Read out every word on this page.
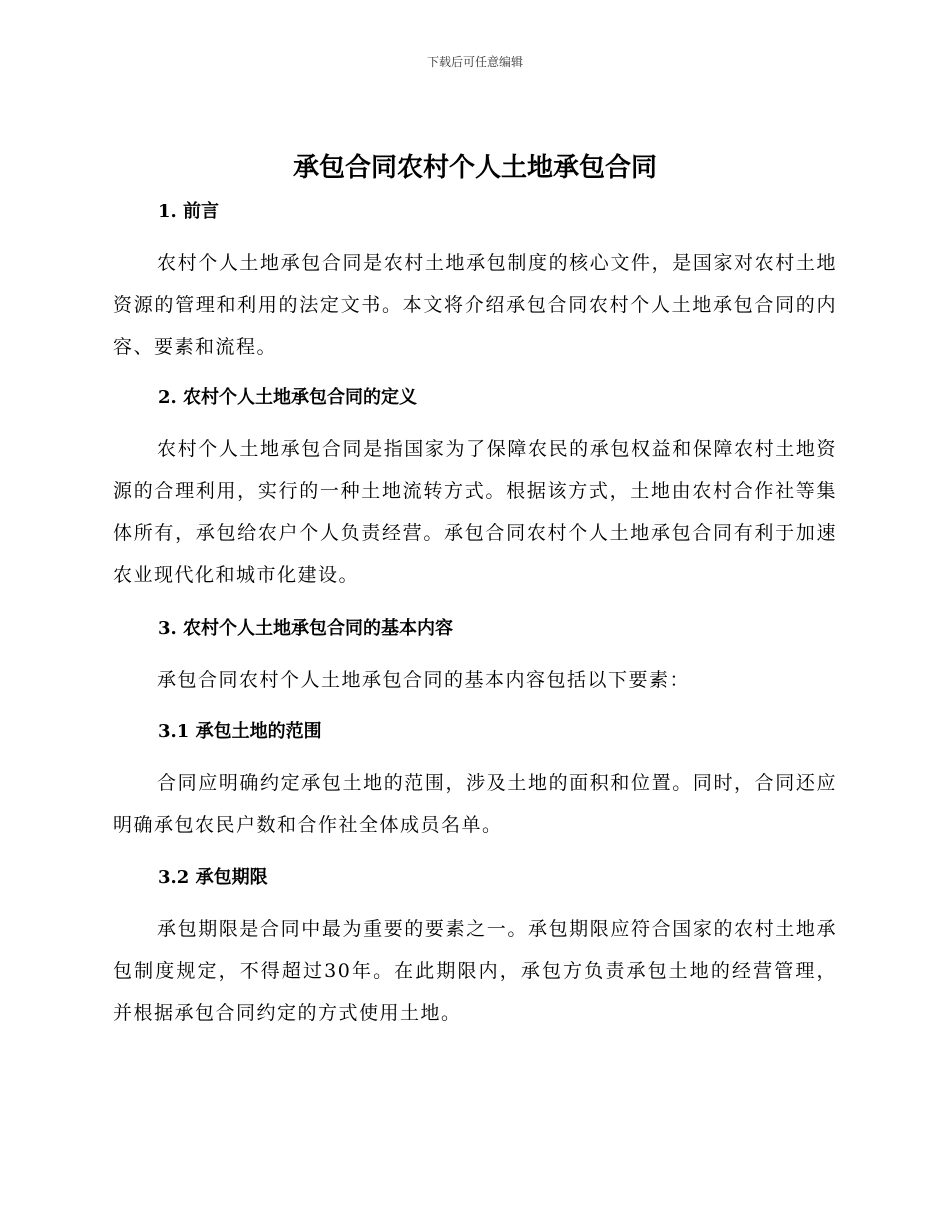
下载后可任意编辑
承包合同农村个人土地承包合同
1. 前言

农村个人土地承包合同是农村土地承包制度的核心文件，是国家对农村土地资源的管理和利用的法定文书。本文将介绍承包合同农村个人土地承包合同的内容、要素和流程。

2. 农村个人土地承包合同的定义

农村个人土地承包合同是指国家为了保障农民的承包权益和保障农村土地资源的合理利用，实行的一种土地流转方式。根据该方式，土地由农村合作社等集体所有，承包给农户个人负责经营。承包合同农村个人土地承包合同有利于加速农业现代化和城市化建设。

3. 农村个人土地承包合同的基本内容

承包合同农村个人土地承包合同的基本内容包括以下要素：

3.1 承包土地的范围

合同应明确约定承包土地的范围，涉及土地的面积和位置。同时，合同还应明确承包农民户数和合作社全体成员名单。

3.2 承包期限

承包期限是合同中最为重要的要素之一。承包期限应符合国家的农村土地承包制度规定，不得超过30年。在此期限内，承包方负责承包土地的经营管理，并根据承包合同约定的方式使用土地。
